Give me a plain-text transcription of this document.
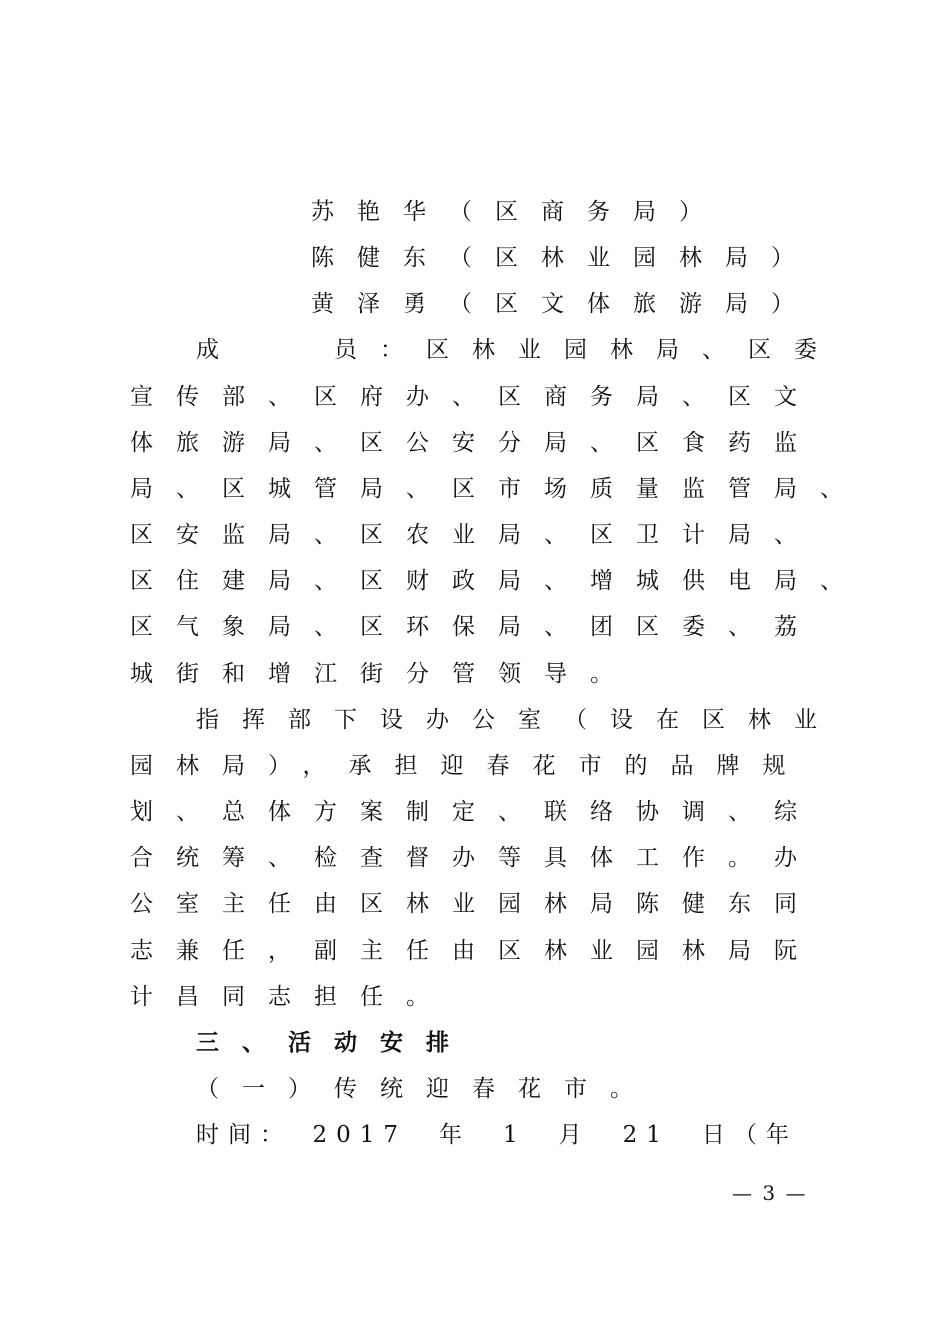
苏艳华（区商务局）
陈健东（区林业园林局）
黄泽勇（区文体旅游局）
成　　员：区林业园林局、区委
宣传部、区府办、区商务局、区文
体旅游局、区公安分局、区食药监
局、区城管局、区市场质量监管局、
区安监局、区农业局、区卫计局、
区住建局、区财政局、增城供电局、
区气象局、区环保局、团区委、荔
城街和增江街分管领导。
指挥部下设办公室（设在区林业
园林局），承担迎春花市的品牌规
划、总体方案制定、联络协调、综
合统筹、检查督办等具体工作。办
公室主任由区林业园林局陈健东同
志兼任，副主任由区林业园林局阮
计昌同志担任。
三、活动安排
（一）传统迎春花市。
时间：　2017　年　1　月　21　日（年
— 3 —
